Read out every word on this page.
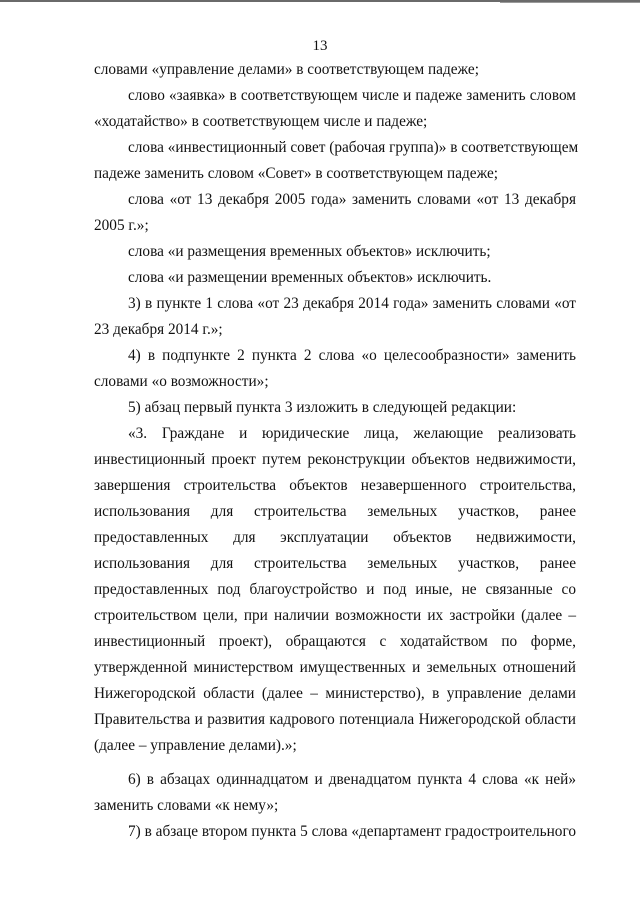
13
словами «управление делами» в соответствующем падеже;
слово «заявка» в соответствующем числе и падеже заменить словом
«ходатайство» в соответствующем числе и падеже;
слова «инвестиционный совет (рабочая группа)» в соответствующем
падеже заменить словом «Совет» в соответствующем падеже;
слова «от 13 декабря 2005 года» заменить словами «от 13 декабря
2005 г.»;
слова «и размещения временных объектов» исключить;
слова «и размещении временных объектов» исключить.
3) в пункте 1 слова «от 23 декабря 2014 года» заменить словами «от
23 декабря 2014 г.»;
4) в подпункте 2 пункта 2 слова «о целесообразности» заменить
словами «о возможности»;
5) абзац первый пункта 3 изложить в следующей редакции:
«3. Граждане и юридические лица, желающие реализовать
инвестиционный проект путем реконструкции объектов недвижимости,
завершения строительства объектов незавершенного строительства,
использования для строительства земельных участков, ранее
предоставленных для эксплуатации объектов недвижимости,
использования для строительства земельных участков, ранее
предоставленных под благоустройство и под иные, не связанные со
строительством цели, при наличии возможности их застройки (далее –
инвестиционный проект), обращаются с ходатайством по форме,
утвержденной министерством имущественных и земельных отношений
Нижегородской области (далее – министерство), в управление делами
Правительства и развития кадрового потенциала Нижегородской области
(далее – управление делами).»;
6) в абзацах одиннадцатом и двенадцатом пункта 4 слова «к ней»
заменить словами «к нему»;
7) в абзаце втором пункта 5 слова «департамент градостроительного
